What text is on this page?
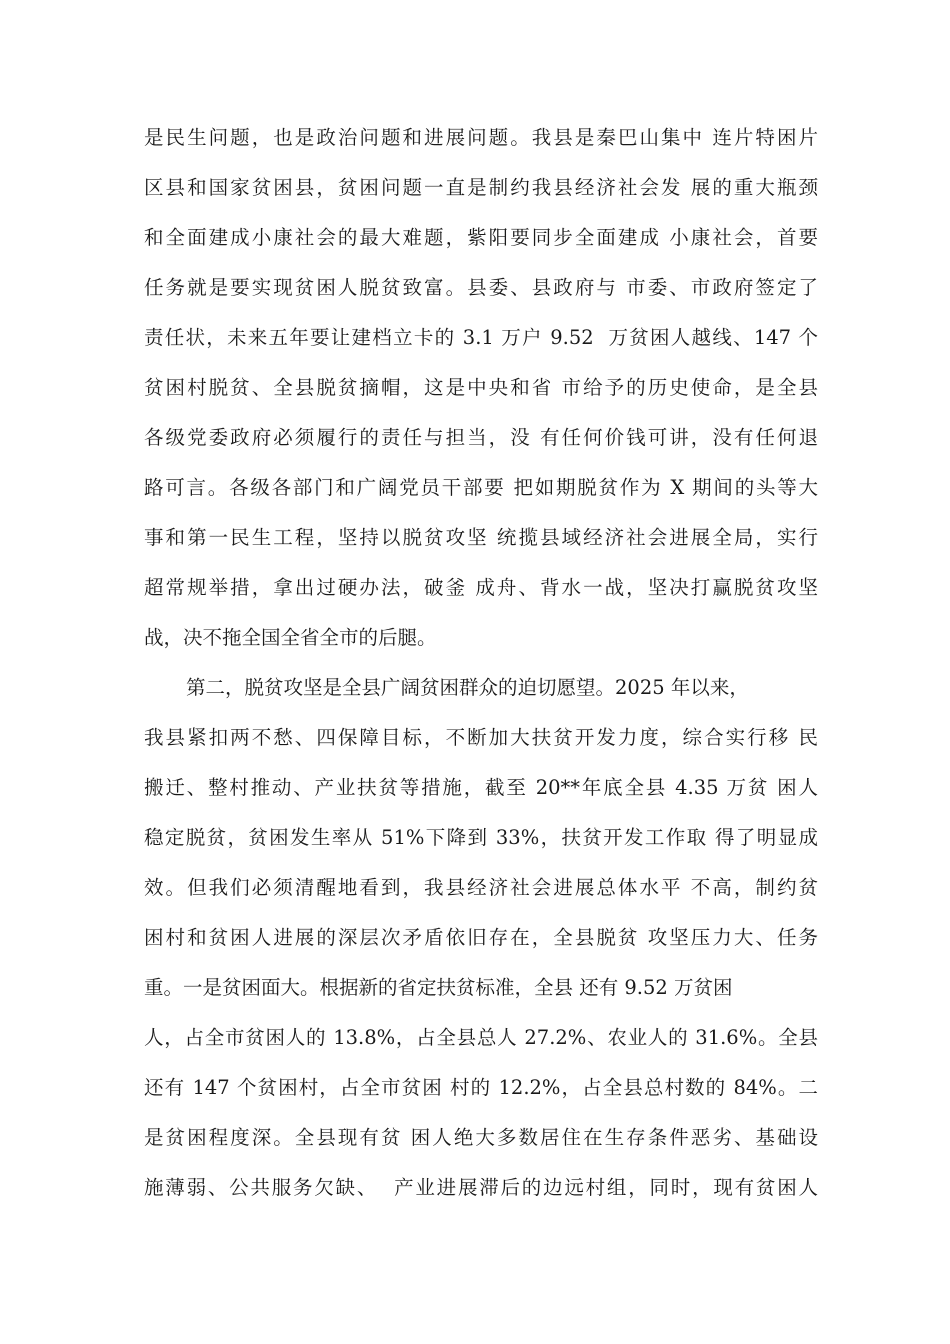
是民生问题，也是政治问题和进展问题。我县是秦巴山集中 连片特困片
区县和国家贫困县，贫困问题一直是制约我县经济社会发 展的重大瓶颈
和全面建成小康社会的最大难题，紫阳要同步全面建成 小康社会，首要
任务就是要实现贫困人脱贫致富。县委、县政府与 市委、市政府签定了
责任状，未来五年要让建档立卡的 3.1 万户 9.52  万贫困人越线、147 个
贫困村脱贫、全县脱贫摘帽，这是中央和省 市给予的历史使命，是全县
各级党委政府必须履行的责任与担当，没 有任何价钱可讲，没有任何退
路可言。各级各部门和广阔党员干部要 把如期脱贫作为 X 期间的头等大
事和第一民生工程，坚持以脱贫攻坚 统揽县域经济社会进展全局，实行
超常规举措，拿出过硬办法，破釜 成舟、背水一战，坚决打赢脱贫攻坚
战，决不拖全国全省全市的后腿。
第二，脱贫攻坚是全县广阔贫困群众的迫切愿望。2025 年以来，
我县紧扣两不愁、四保障目标，不断加大扶贫开发力度，综合实行移 民
搬迁、整村推动、产业扶贫等措施，截至 20**年底全县 4.35 万贫 困人
稳定脱贫，贫困发生率从 51%下降到 33%，扶贫开发工作取 得了明显成
效。但我们必须清醒地看到，我县经济社会进展总体水平 不高，制约贫
困村和贫困人进展的深层次矛盾依旧存在，全县脱贫 攻坚压力大、任务
重。一是贫困面大。根据新的省定扶贫标准，全县 还有 9.52 万贫困
人，占全市贫困人的 13.8%，占全县总人 27.2%、农业人的 31.6%。全县
还有 147 个贫困村，占全市贫困 村的 12.2%，占全县总村数的 84%。二
是贫困程度深。全县现有贫 困人绝大多数居住在生存条件恶劣、基础设
施薄弱、公共服务欠缺、  产业进展滞后的边远村组，同时，现有贫困人
